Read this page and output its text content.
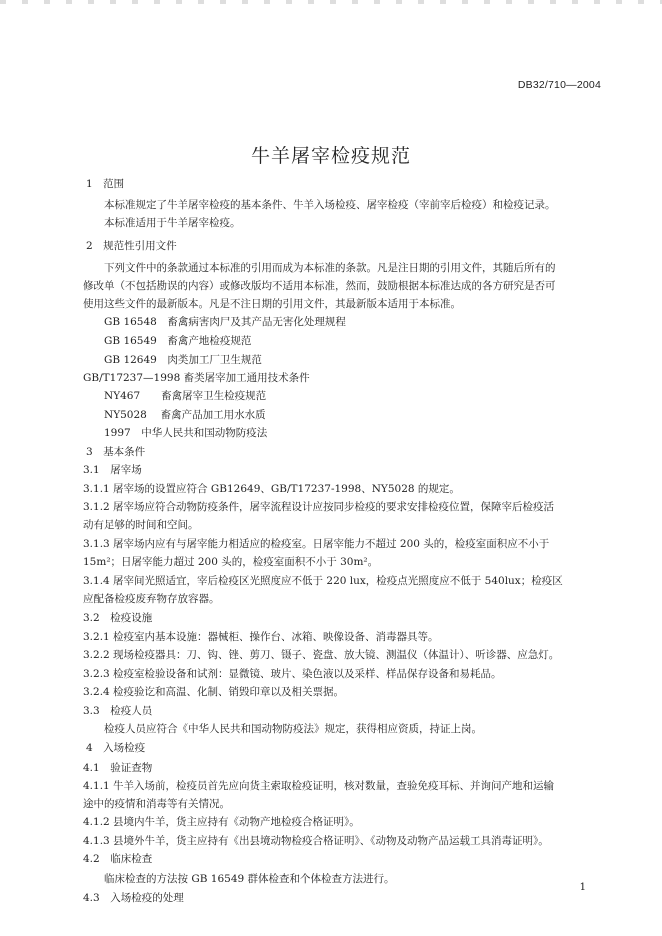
DB32/710—2004
牛羊屠宰检疫规范
1　范围
本标准规定了牛羊屠宰检疫的基本条件、牛羊入场检疫、屠宰检疫（宰前宰后检疫）和检疫记录。
本标准适用于牛羊屠宰检疫。
2　规范性引用文件
下列文件中的条款通过本标准的引用而成为本标准的条款。凡是注日期的引用文件，其随后所有的
修改单（不包括勘误的内容）或修改版均不适用本标准，然而，鼓励根据本标准达成的各方研究是否可
使用这些文件的最新版本。凡是不注日期的引用文件，其最新版本适用于本标准。
GB 16548　畜禽病害肉尸及其产品无害化处理规程
GB 16549　畜禽产地检疫规范
GB 12649　肉类加工厂卫生规范
GB/T17237—1998 畜类屠宰加工通用技术条件
NY467　　畜禽屠宰卫生检疫规范
NY5028　 畜禽产品加工用水水质
1997　中华人民共和国动物防疫法
3　基本条件
3.1　屠宰场
3.1.1 屠宰场的设置应符合 GB12649、GB/T17237-1998、NY5028 的规定。
3.1.2 屠宰场应符合动物防疫条件，屠宰流程设计应按同步检疫的要求安排检疫位置，保障宰后检疫活
动有足够的时间和空间。
3.1.3 屠宰场内应有与屠宰能力相适应的检疫室。日屠宰能力不超过 200 头的，检疫室面积应不小于
15m²；日屠宰能力超过 200 头的，检疫室面积不小于 30m²。
3.1.4 屠宰间光照适宜，宰后检疫区光照度应不低于 220 lux，检疫点光照度应不低于 540lux；检疫区
应配备检疫废弃物存放容器。
3.2　检疫设施
3.2.1 检疫室内基本设施：器械柜、操作台、冰箱、映像设备、消毒器具等。
3.2.2 现场检疫器具：刀、钩、锉、剪刀、镊子、瓷盘、放大镜、测温仪（体温计）、听诊器、应急灯。
3.2.3 检疫室检验设备和试剂：显微镜、玻片、染色液以及采样、样品保存设备和易耗品。
3.2.4 检疫验讫和高温、化制、销毁印章以及相关票据。
3.3　检疫人员
检疫人员应符合《中华人民共和国动物防疫法》规定，获得相应资质，持证上岗。
4　入场检疫
4.1　验证查物
4.1.1 牛羊入场前，检疫员首先应向货主索取检疫证明，核对数量，查验免疫耳标、并询问产地和运输
途中的疫情和消毒等有关情况。
4.1.2 县境内牛羊，货主应持有《动物产地检疫合格证明》。
4.1.3 县境外牛羊，货主应持有《出县境动物检疫合格证明》、《动物及动物产品运载工具消毒证明》。
4.2　临床检查
临床检查的方法按 GB 16549 群体检查和个体检查方法进行。
4.3　入场检疫的处理
1
